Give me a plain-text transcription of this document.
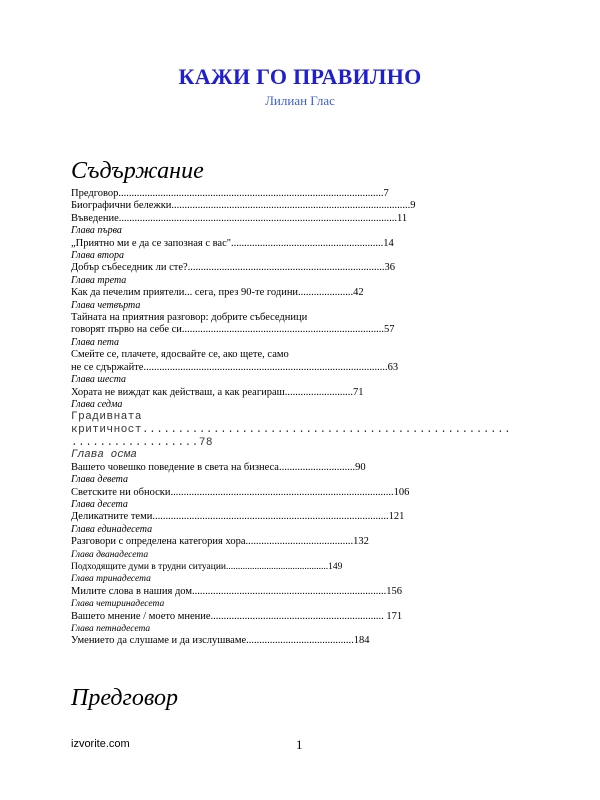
КАЖИ ГО ПРАВИЛНО
Лилиан Глас
Съдържание
Предговор.....................................................................................................7
Биографични бележки...........................................................................................9
Въведение..........................................................................................................11
Глава първа
„Приятно ми е да се запозная с вас"..........................................................14
Глава втора
Добър събеседник ли сте?...........................................................................36
Глава трета
Как да печелим приятели... сега, през 90-те години.....................42
Глава четвърта
Тайната на приятния разговор: добрите събеседници
говорят първо на себе си.............................................................................57
Глава пета
Смейте се, плачете, ядосвайте се, ако щете, само
не се сдържайте.............................................................................................63
Глава шеста
Хората не виждат как действаш, а как реагираш..........................71
Глава седма
Градивната
критичност....................................................
..................78
Глава осма
Вашето човешко поведение в света на бизнеса.............................90
Глава девета
Светските ни обноски.....................................................................................106
Глава десета
Деликатните теми..........................................................................................121
Глава единадесета
Разговори с определена категория хора.........................................132
Глава дванадесета
Подходящите думи в трудни ситуации...........................................149
Глава тринадесета
Милите слова в нашия дом..........................................................................156
Глава четиринадесета
Вашето мнение / моето мнение.................................................................. 171
Глава петнадесета
Умението да слушаме и да изслушваме.........................................184
Предговор
izvorite.com	1
